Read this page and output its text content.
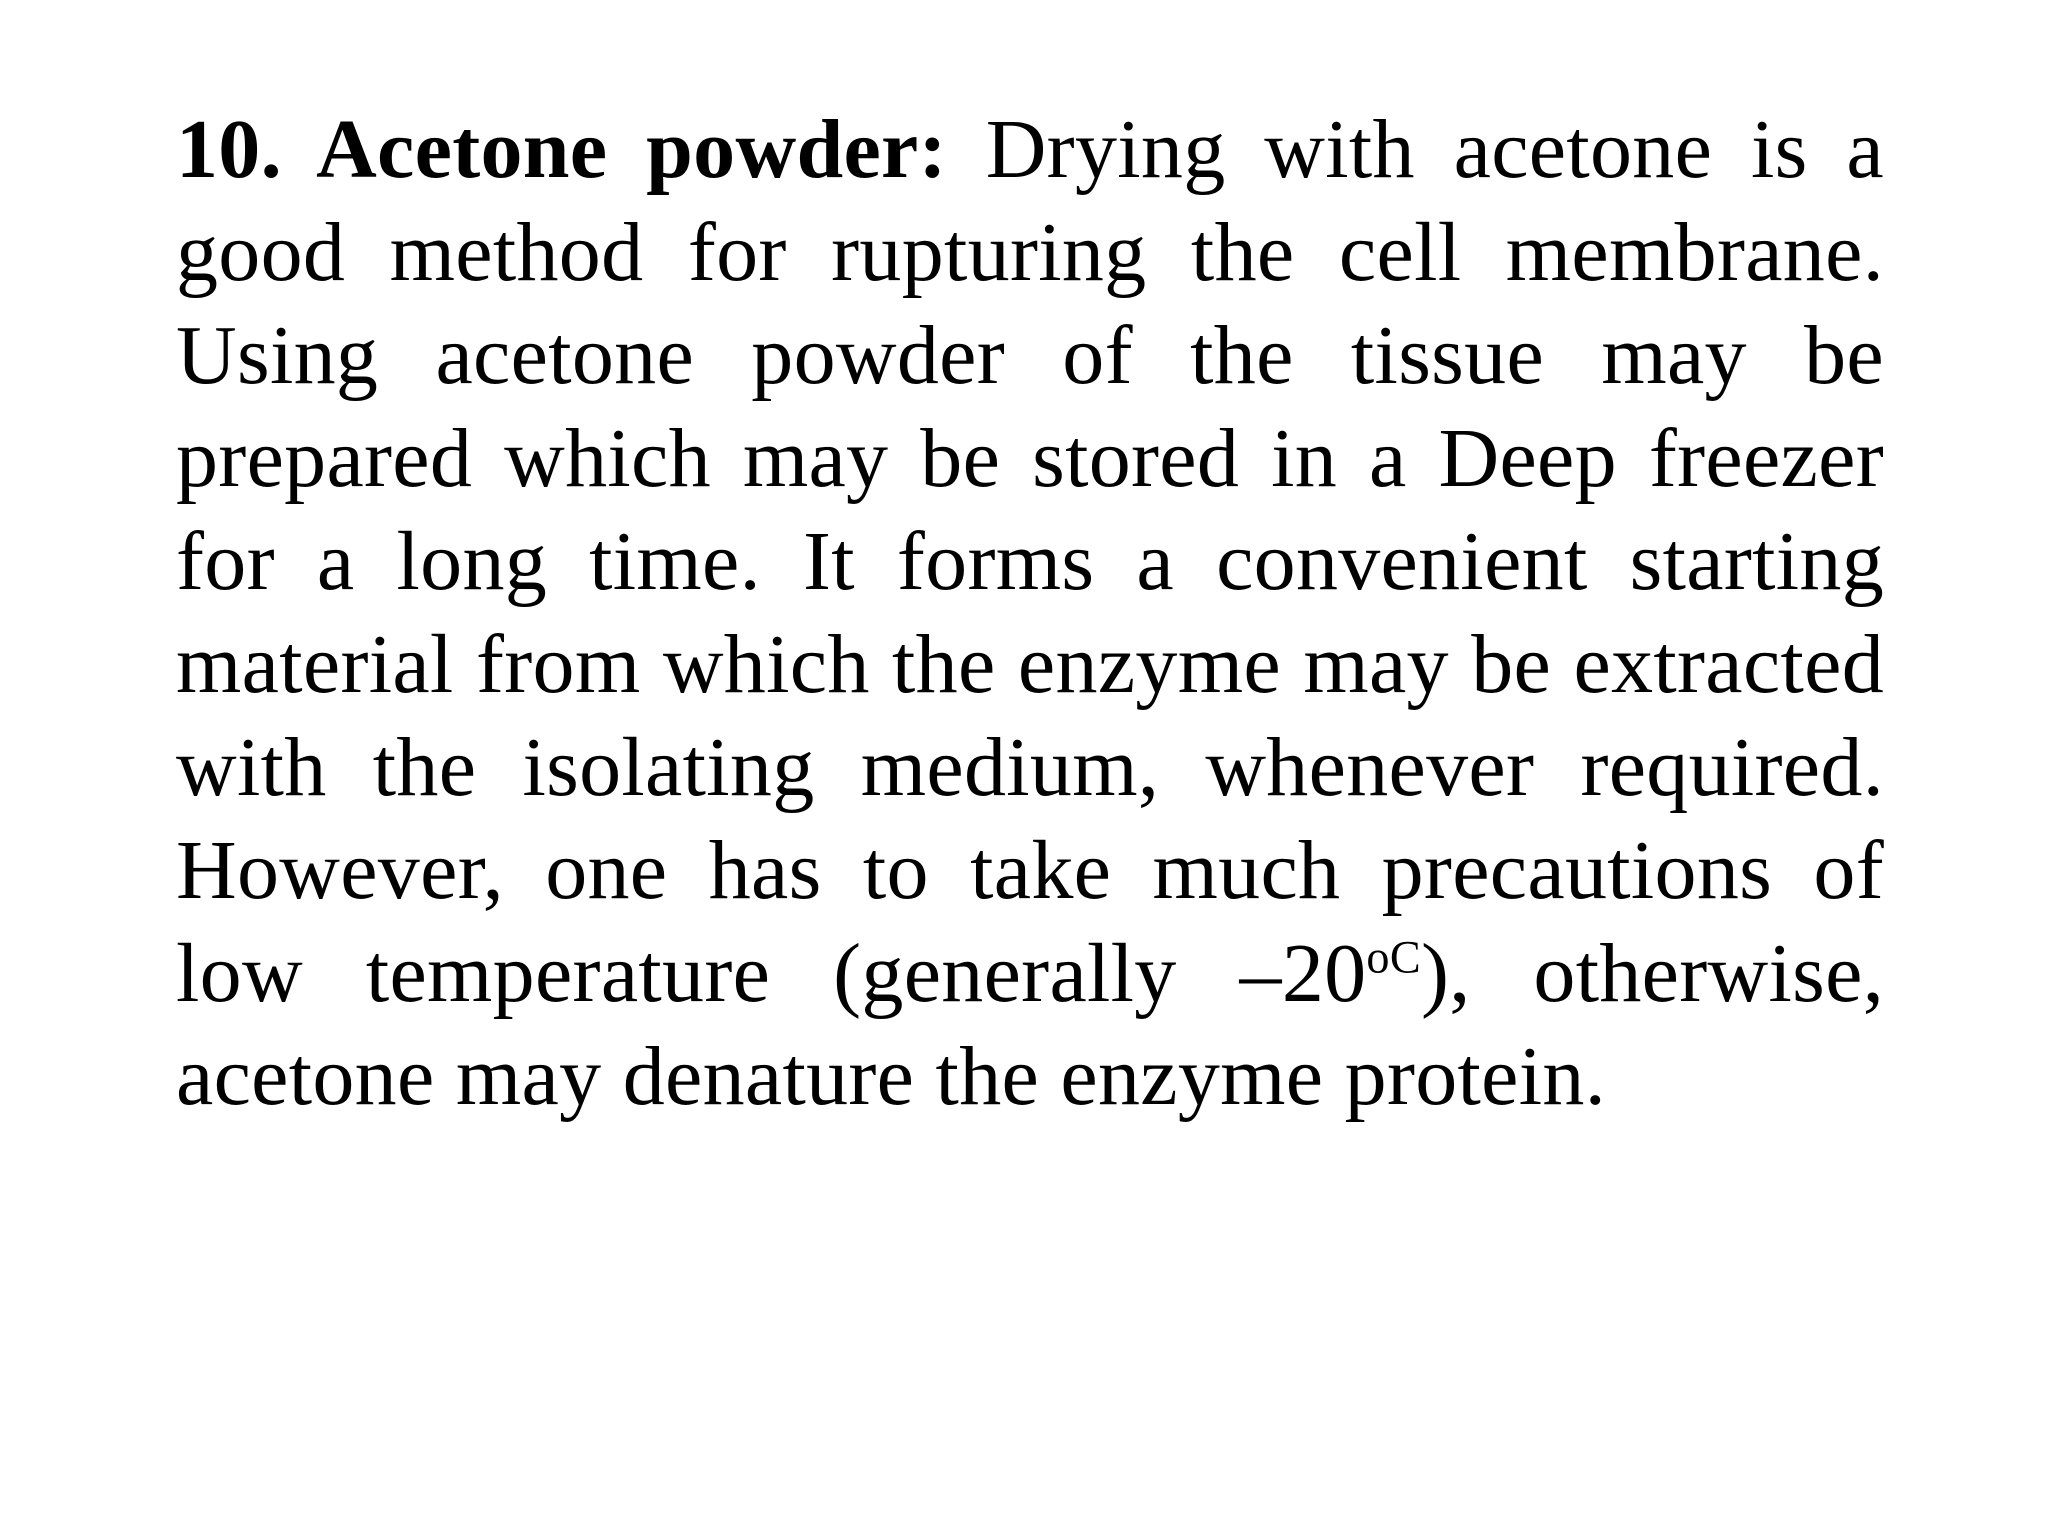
10. Acetone powder: Drying with acetone is a good method for rupturing the cell membrane. Using acetone powder of the tissue may be prepared which may be stored in a Deep freezer for a long time. It forms a convenient starting material from which the enzyme may be extracted with the isolating medium, whenever required. However, one has to take much precautions of low temperature (generally $-20^{oC}$), otherwise, acetone may denature the enzyme protein.
